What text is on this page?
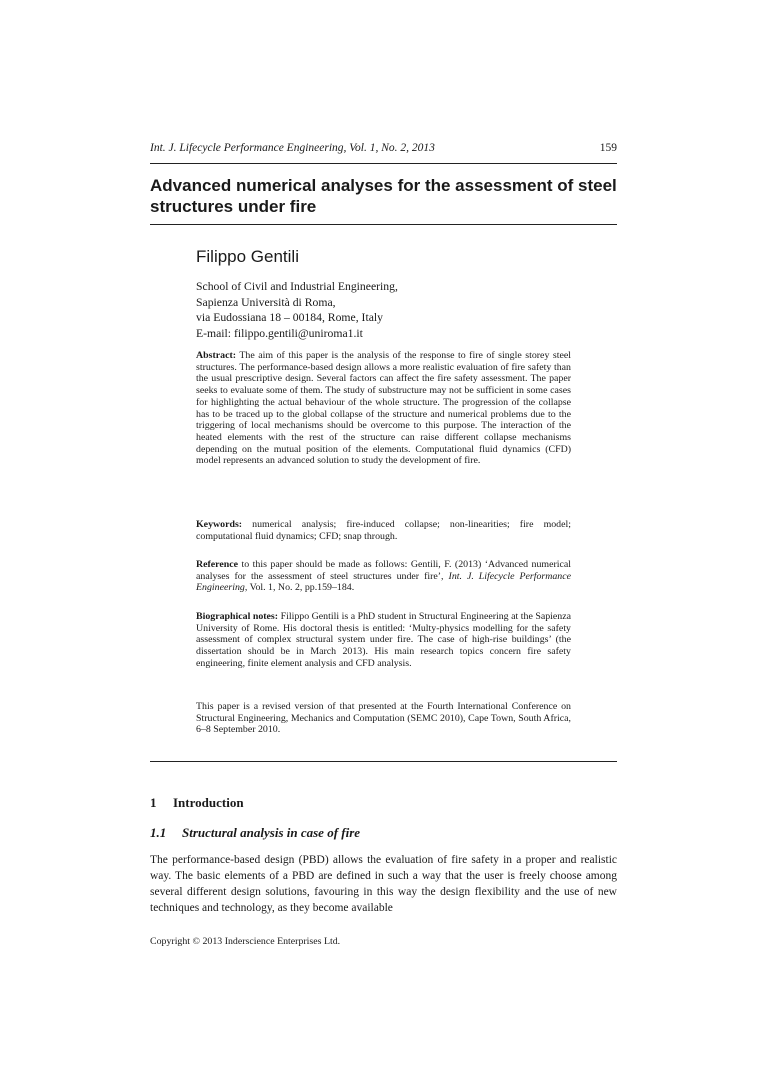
Int. J. Lifecycle Performance Engineering, Vol. 1, No. 2, 2013	159
Advanced numerical analyses for the assessment of steel structures under fire

Filippo Gentili

School of Civil and Industrial Engineering,
Sapienza Università di Roma,
via Eudossiana 18 – 00184, Rome, Italy
E-mail: filippo.gentili@uniroma1.it

Abstract: The aim of this paper is the analysis of the response to fire of single storey steel structures. The performance-based design allows a more realistic evaluation of fire safety than the usual prescriptive design. Several factors can affect the fire safety assessment. The paper seeks to evaluate some of them. The study of substructure may not be sufficient in some cases for highlighting the actual behaviour of the whole structure. The progression of the collapse has to be traced up to the global collapse of the structure and numerical problems due to the triggering of local mechanisms should be overcome to this purpose. The interaction of the heated elements with the rest of the structure can raise different collapse mechanisms depending on the mutual position of the elements. Computational fluid dynamics (CFD) model represents an advanced solution to study the development of fire.

Keywords: numerical analysis; fire-induced collapse; non-linearities; fire model; computational fluid dynamics; CFD; snap through.

Reference to this paper should be made as follows: Gentili, F. (2013) ‘Advanced numerical analyses for the assessment of steel structures under fire’, Int. J. Lifecycle Performance Engineering, Vol. 1, No. 2, pp.159–184.

Biographical notes: Filippo Gentili is a PhD student in Structural Engineering at the Sapienza University of Rome. His doctoral thesis is entitled: ‘Multy-physics modelling for the safety assessment of complex structural system under fire. The case of high-rise buildings’ (the dissertation should be in March 2013). His main research topics concern fire safety engineering, finite element analysis and CFD analysis.

This paper is a revised version of that presented at the Fourth International Conference on Structural Engineering, Mechanics and Computation (SEMC 2010), Cape Town, South Africa, 6–8 September 2010.

1 Introduction
1.1 Structural analysis in case of fire

The performance-based design (PBD) allows the evaluation of fire safety in a proper and realistic way. The basic elements of a PBD are defined in such a way that the user is freely choose among several different design solutions, favouring in this way the design flexibility and the use of new techniques and technology, as they become available

Copyright © 2013 Inderscience Enterprises Ltd.
